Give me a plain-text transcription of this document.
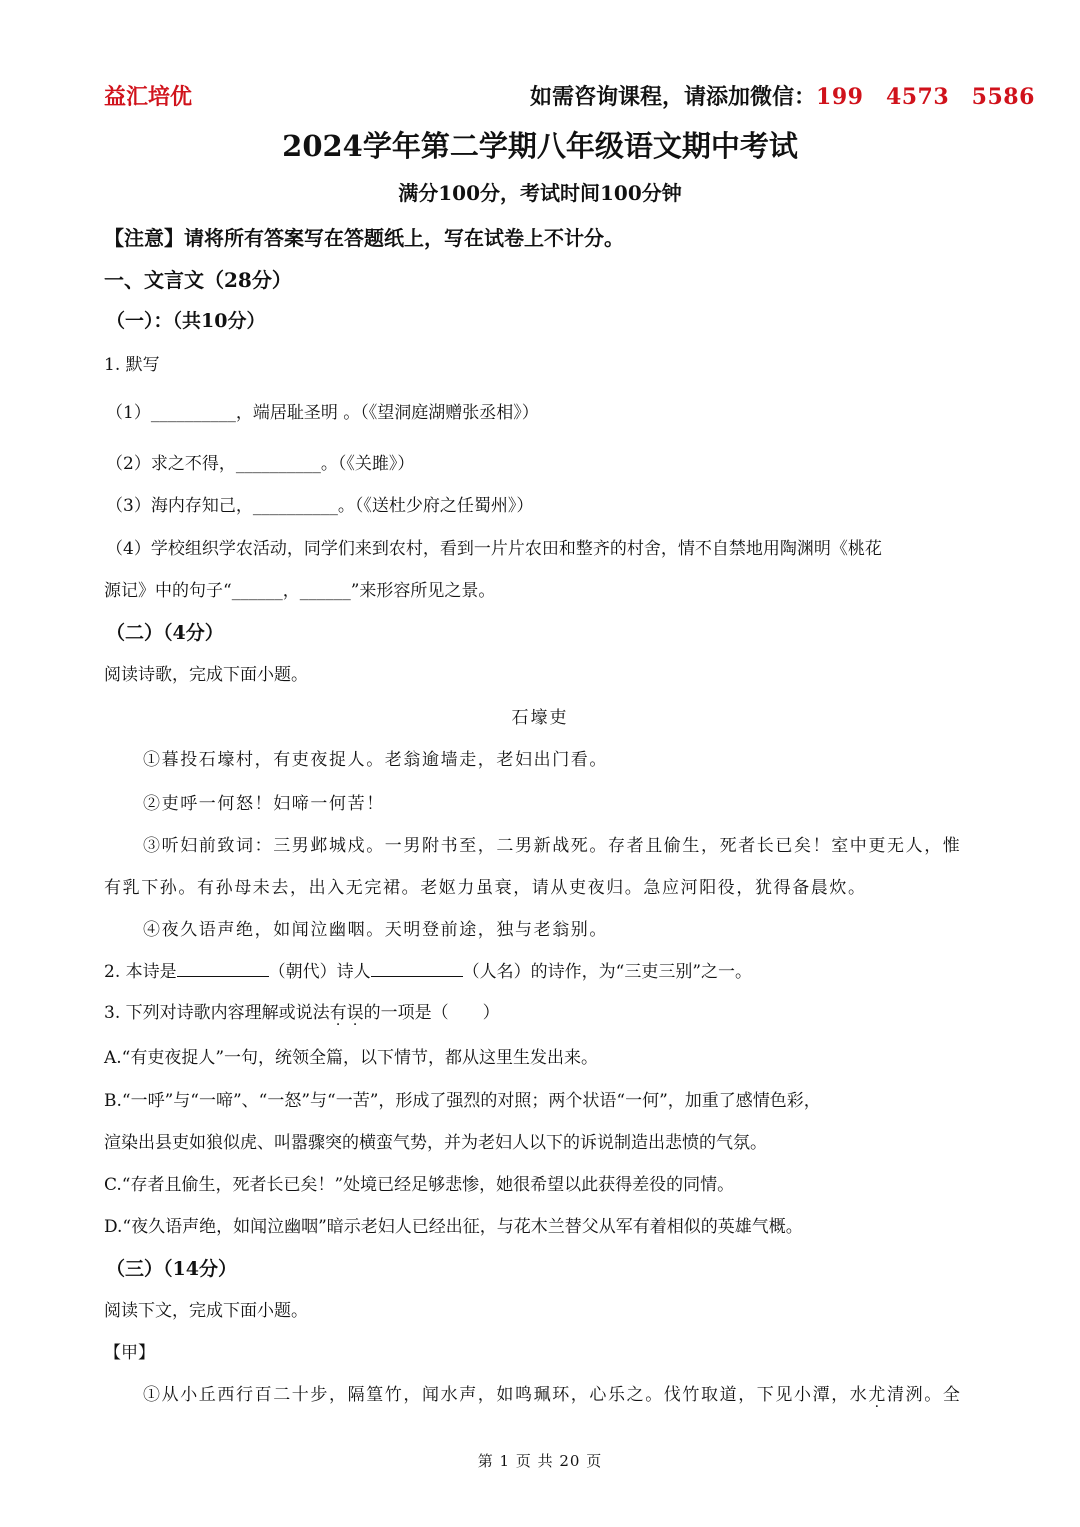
益汇培优	如需咨询课程，请添加微信：199　4573　5586
2024学年第二学期八年级语文期中考试
满分100分，考试时间100分钟
【注意】请将所有答案写在答题纸上，写在试卷上不计分。
一、文言文（28分）
（一）：（共10分）
1. 默写
（1）__________，端居耻圣明 。（《望洞庭湖赠张丞相》）
（2）求之不得，__________。（《关雎》）
（3）海内存知己，__________。（《送杜少府之任蜀州》）
（4）学校组织学农活动，同学们来到农村，看到一片片农田和整齐的村舍，情不自禁地用陶渊明《桃花
源记》中的句子“______，______”来形容所见之景。
（二）（4分）
阅读诗歌，完成下面小题。
石壕吏
①暮投石壕村，有吏夜捉人。老翁逾墙走，老妇出门看。
②吏呼一何怒！妇啼一何苦！
③听妇前致词：三男邺城戍。一男附书至，二男新战死。存者且偷生，死者长已矣！室中更无人，惟
有乳下孙。有孙母未去，出入无完裙。老妪力虽衰，请从吏夜归。急应河阳役，犹得备晨炊。
④夜久语声绝，如闻泣幽咽。天明登前途，独与老翁别。
2. 本诗是	（朝代）诗人	（人名）的诗作，为“三吏三别”之一。
3. 下列对诗歌内容理解或说法有误的一项是（　　）
A.“有吏夜捉人”一句，统领全篇，以下情节，都从这里生发出来。
B.“一呼”与“一啼”、“一怒”与“一苦”，形成了强烈的对照；两个状语“一何”，加重了感情色彩，
渲染出县吏如狼似虎、叫嚣骤突的横蛮气势，并为老妇人以下的诉说制造出悲愤的气氛。
C.“存者且偷生，死者长已矣！”处境已经足够悲惨，她很希望以此获得差役的同情。
D.“夜久语声绝，如闻泣幽咽”暗示老妇人已经出征，与花木兰替父从军有着相似的英雄气概。
（三）（14分）
阅读下文，完成下面小题。
【甲】
①从小丘西行百二十步，隔篁竹，闻水声，如鸣珮环，心乐之。伐竹取道，下见小潭，水尤清洌。全
第 1 页 共 20 页
